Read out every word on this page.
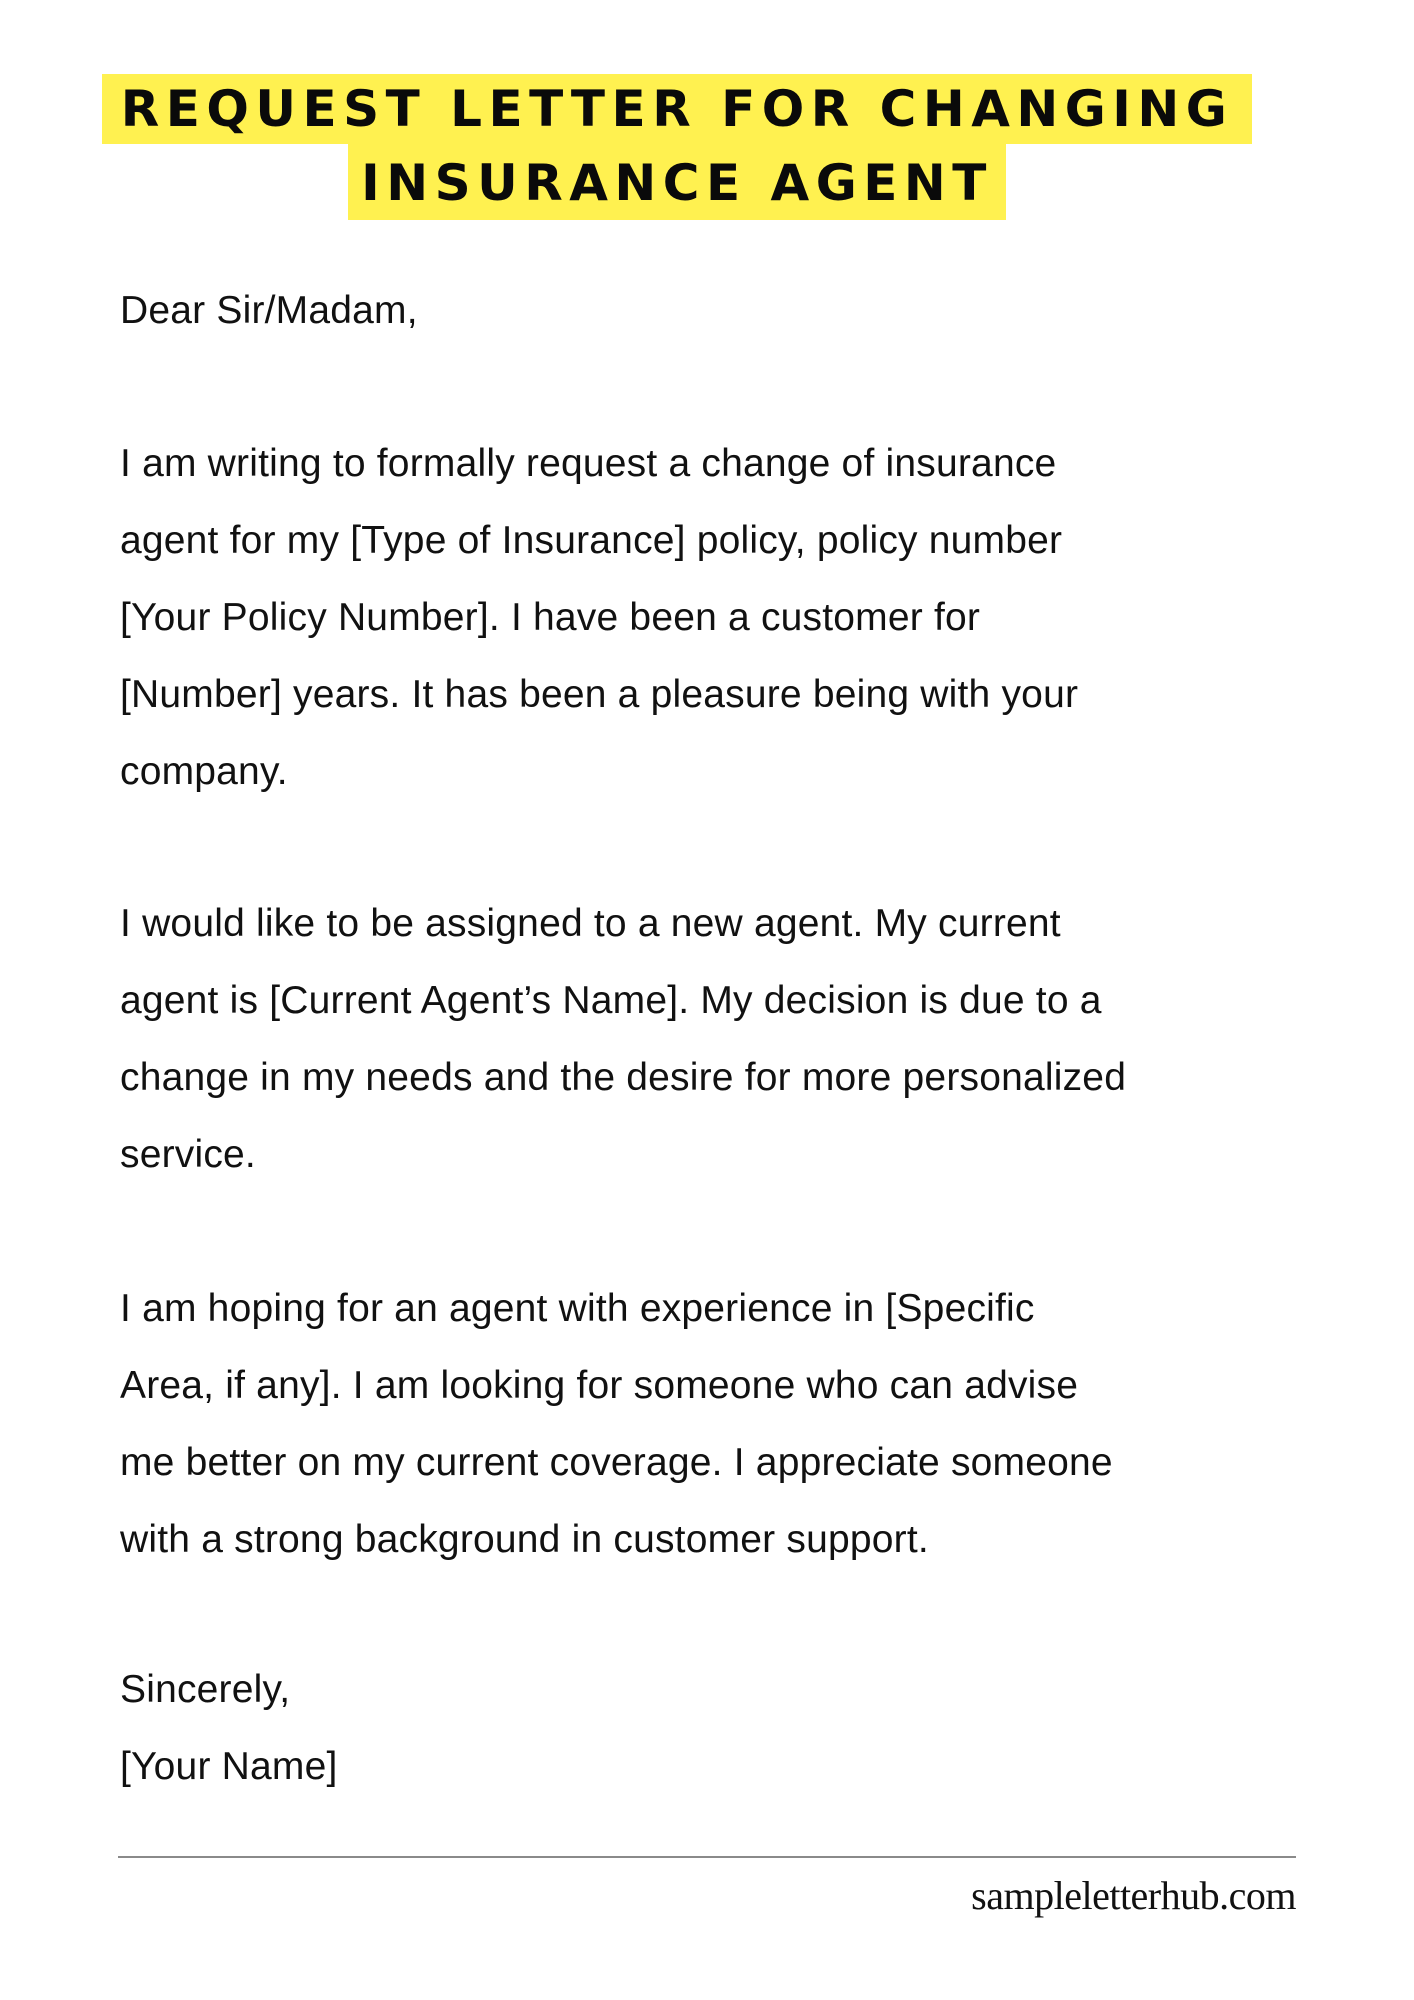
REQUEST LETTER FOR CHANGING
INSURANCE AGENT
Dear Sir/Madam,
I am writing to formally request a change of insurance
agent for my [Type of Insurance] policy, policy number
[Your Policy Number]. I have been a customer for
[Number] years. It has been a pleasure being with your
company.
I would like to be assigned to a new agent. My current
agent is [Current Agent’s Name]. My decision is due to a
change in my needs and the desire for more personalized
service.
I am hoping for an agent with experience in [Specific
Area, if any]. I am looking for someone who can advise
me better on my current coverage. I appreciate someone
with a strong background in customer support.
Sincerely,
[Your Name]
sampleletterhub.com
